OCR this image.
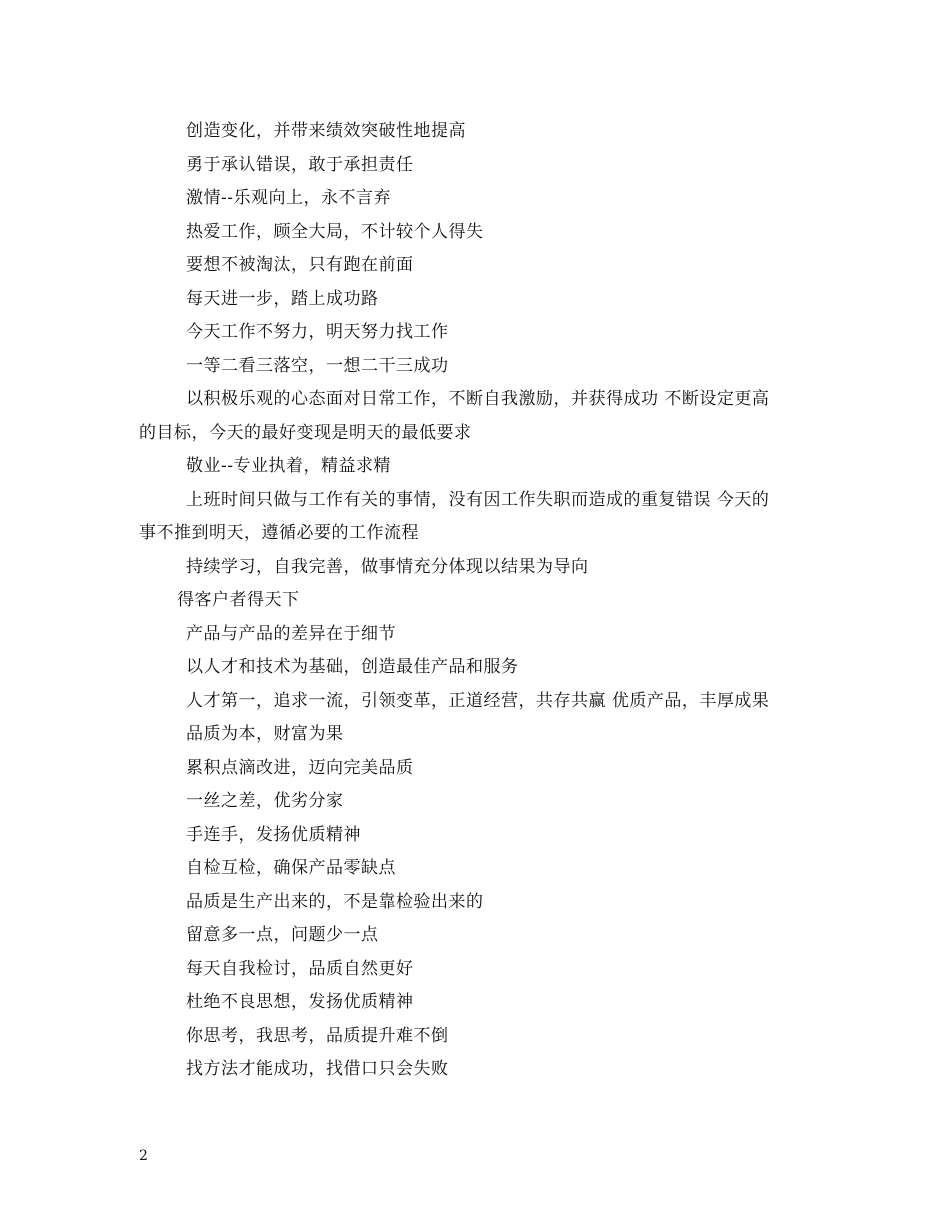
创造变化，并带来绩效突破性地提高
勇于承认错误，敢于承担责任
激情--乐观向上，永不言弃
热爱工作，顾全大局，不计较个人得失
要想不被淘汰，只有跑在前面
每天进一步，踏上成功路
今天工作不努力，明天努力找工作
一等二看三落空，一想二干三成功
以积极乐观的心态面对日常工作，不断自我激励，并获得成功 不断设定更高
的目标，今天的最好变现是明天的最低要求
敬业--专业执着，精益求精
上班时间只做与工作有关的事情，没有因工作失职而造成的重复错误 今天的
事不推到明天，遵循必要的工作流程
持续学习，自我完善，做事情充分体现以结果为导向
得客户者得天下
产品与产品的差异在于细节
以人才和技术为基础，创造最佳产品和服务
人才第一，追求一流，引领变革，正道经营，共存共赢 优质产品，丰厚成果
品质为本，财富为果
累积点滴改进，迈向完美品质
一丝之差，优劣分家
手连手，发扬优质精神
自检互检，确保产品零缺点
品质是生产出来的，不是靠检验出来的
留意多一点，问题少一点
每天自我检讨，品质自然更好
杜绝不良思想，发扬优质精神
你思考，我思考，品质提升难不倒
找方法才能成功，找借口只会失败
2
